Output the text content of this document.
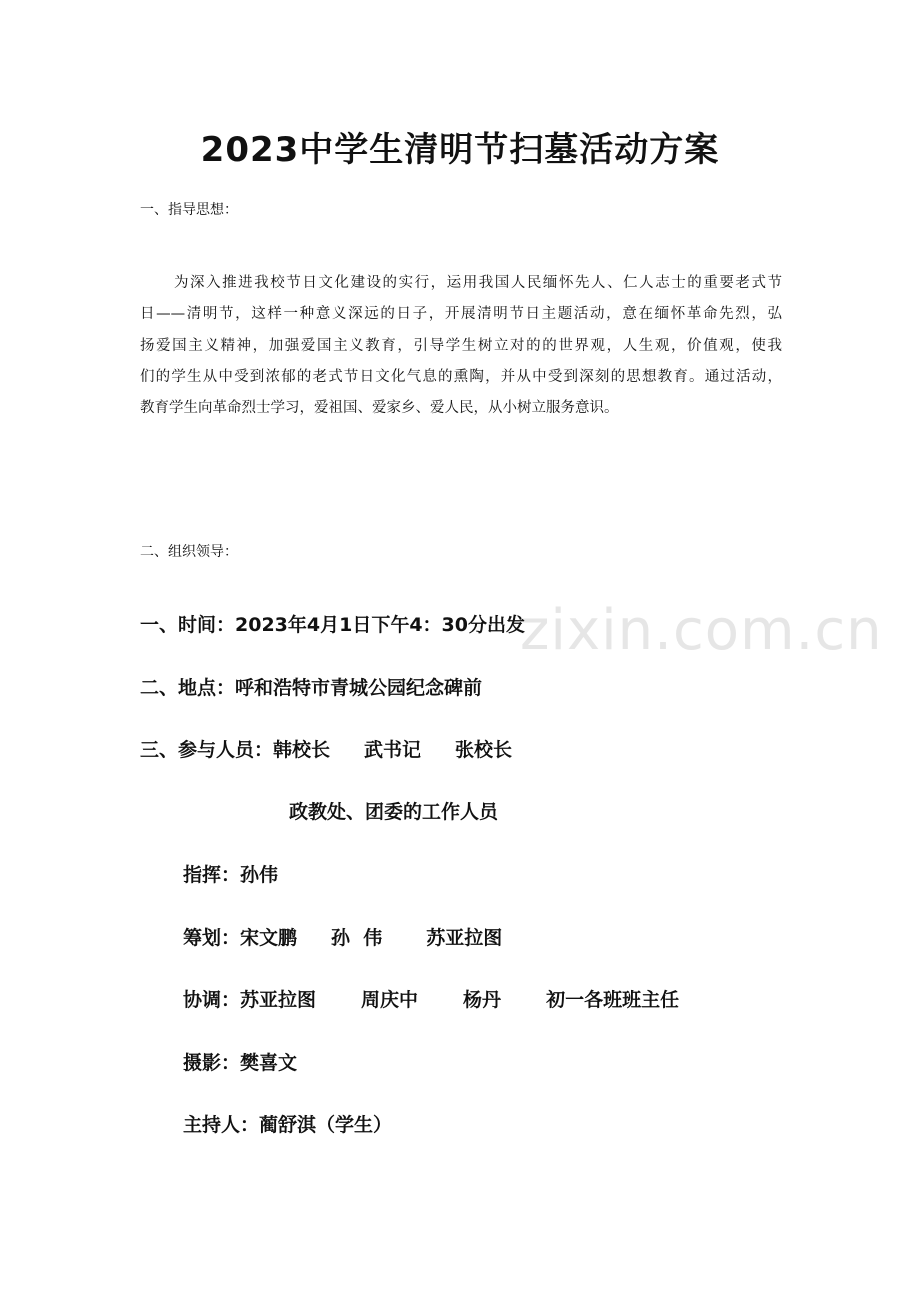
zixin.com.cn
2023中学生清明节扫墓活动方案
一、指导思想：
为深入推进我校节日文化建设的实行，运用我国人民缅怀先人、仁人志士的重要老式节
日——清明节，这样一种意义深远的日子，开展清明节日主题活动，意在缅怀革命先烈，弘
扬爱国主义精神，加强爱国主义教育，引导学生树立对的的世界观，人生观，价值观，使我
们的学生从中受到浓郁的老式节日文化气息的熏陶，并从中受到深刻的思想教育。通过活动，
教育学生向革命烈士学习，爱祖国、爱家乡、爱人民，从小树立服务意识。
二、组织领导：
一、时间：2023年4月1日下午4：30分出发
二、地点：呼和浩特市青城公园纪念碑前
三、参与人员：韩校长 武书记 张校长
政教处、团委的工作人员
指挥：孙伟
筹划：宋文鹏 孙  伟 苏亚拉图
协调：苏亚拉图 周庆中 杨丹 初一各班班主任
摄影：樊喜文
主持人：蔺舒淇（学生）
